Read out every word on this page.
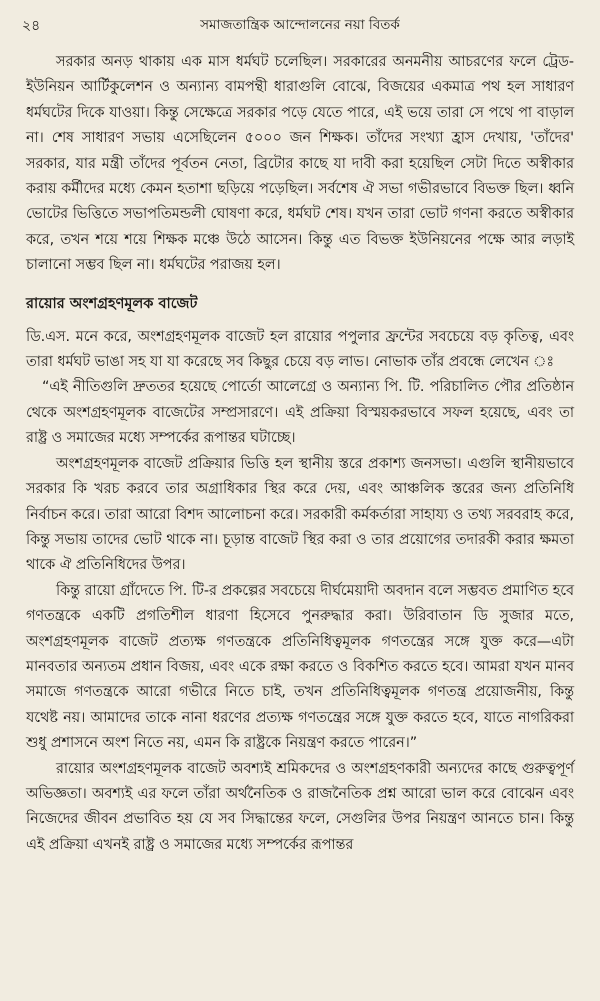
২৪	সমাজতান্ত্রিক আন্দোলনের নয়া বিতর্ক

সরকার অনড় থাকায় এক মাস ধর্মঘট চলেছিল। সরকারের অনমনীয় আচরণের ফলে ট্রেড-ইউনিয়ন আর্টিকুলেশন ও অন্যান্য বামপন্থী ধারাগুলি বোঝে, বিজয়ের একমাত্র পথ হল সাধারণ ধর্মঘটের দিকে যাওয়া। কিন্তু সেক্ষেত্রে সরকার পড়ে যেতে পারে, এই ভয়ে তারা সে পথে পা বাড়াল না। শেষ সাধারণ সভায় এসেছিলেন ৫০০০ জন শিক্ষক। তাঁদের সংখ্যা হ্রাস দেখায়, 'তাঁদের' সরকার, যার মন্ত্রী তাঁদের পূর্বতন নেতা, ব্রিটোর কাছে যা দাবী করা হয়েছিল সেটা দিতে অস্বীকার করায় কর্মীদের মধ্যে কেমন হতাশা ছড়িয়ে পড়েছিল। সর্বশেষ ঐ সভা গভীরভাবে বিভক্ত ছিল। ধ্বনি ভোটের ভিত্তিতে সভাপতিমন্ডলী ঘোষণা করে, ধর্মঘট শেষ। যখন তারা ভোট গণনা করতে অস্বীকার করে, তখন শয়ে শয়ে শিক্ষক মঞ্চে উঠে আসেন। কিন্তু এত বিভক্ত ইউনিয়নের পক্ষে আর লড়াই চালানো সম্ভব ছিল না। ধর্মঘটের পরাজয় হল।

রায়োর অংশগ্রহণমূলক বাজেট

ডি.এস. মনে করে, অংশগ্রহণমূলক বাজেট হল রায়োর পপুলার ফ্রন্টের সবচেয়ে বড় কৃতিত্ব, এবং তারা ধর্মঘট ভাঙা সহ যা যা করেছে সব কিছুর চেয়ে বড় লাভ। নোভাক তাঁর প্রবন্ধে লেখেন ঃ

“এই নীতিগুলি দ্রুততর হয়েছে পোর্তো আলেগ্রে ও অন্যান্য পি. টি. পরিচালিত পৌর প্রতিষ্ঠান থেকে অংশগ্রহণমূলক বাজেটের সম্প্রসারণে। এই প্রক্রিয়া বিস্ময়করভাবে সফল হয়েছে, এবং তা রাষ্ট্র ও সমাজের মধ্যে সম্পর্কের রূপান্তর ঘটাচ্ছে।

অংশগ্রহণমূলক বাজেট প্রক্রিয়ার ভিত্তি হল স্থানীয় স্তরে প্রকাশ্য জনসভা। এগুলি স্থানীয়ভাবে সরকার কি খরচ করবে তার অগ্রাধিকার স্থির করে দেয়, এবং আঞ্চলিক স্তরের জন্য প্রতিনিধি নির্বাচন করে। তারা আরো বিশদ আলোচনা করে। সরকারী কর্মকর্তারা সাহায্য ও তথ্য সরবরাহ করে, কিন্তু সভায় তাদের ভোট থাকে না। চূড়ান্ত বাজেট স্থির করা ও তার প্রয়োগের তদারকী করার ক্ষমতা থাকে ঐ প্রতিনিধিদের উপর।

কিন্তু রায়ো গ্রাঁদেতে পি. টি-র প্রকল্পের সবচেয়ে দীর্ঘমেয়াদী অবদান বলে সম্ভবত প্রমাণিত হবে গণতন্ত্রকে একটি প্রগতিশীল ধারণা হিসেবে পুনরুদ্ধার করা। উরিবাতান ডি সুজার মতে, অংশগ্রহণমূলক বাজেট প্রত্যক্ষ গণতন্ত্রকে প্রতিনিধিত্বমূলক গণতন্ত্রের সঙ্গে যুক্ত করে—এটা মানবতার অন্যতম প্রধান বিজয়, এবং একে রক্ষা করতে ও বিকশিত করতে হবে। আমরা যখন মানব সমাজে গণতন্ত্রকে আরো গভীরে নিতে চাই, তখন প্রতিনিধিত্বমূলক গণতন্ত্র প্রয়োজনীয়, কিন্তু যথেষ্ট নয়। আমাদের তাকে নানা ধরণের প্রত্যক্ষ গণতন্ত্রের সঙ্গে যুক্ত করতে হবে, যাতে নাগরিকরা শুধু প্রশাসনে অংশ নিতে নয়, এমন কি রাষ্ট্রকে নিয়ন্ত্রণ করতে পারেন।”

রায়োর অংশগ্রহণমূলক বাজেট অবশ্যই শ্রমিকদের ও অংশগ্রহণকারী অন্যদের কাছে গুরুত্বপূর্ণ অভিজ্ঞতা। অবশ্যই এর ফলে তাঁরা অর্থনৈতিক ও রাজনৈতিক প্রশ্ন আরো ভাল করে বোঝেন এবং নিজেদের জীবন প্রভাবিত হয় যে সব সিদ্ধান্তের ফলে, সেগুলির উপর নিয়ন্ত্রণ আনতে চান। কিন্তু এই প্রক্রিয়া এখনই রাষ্ট্র ও সমাজের মধ্যে সম্পর্কের রূপান্তর
